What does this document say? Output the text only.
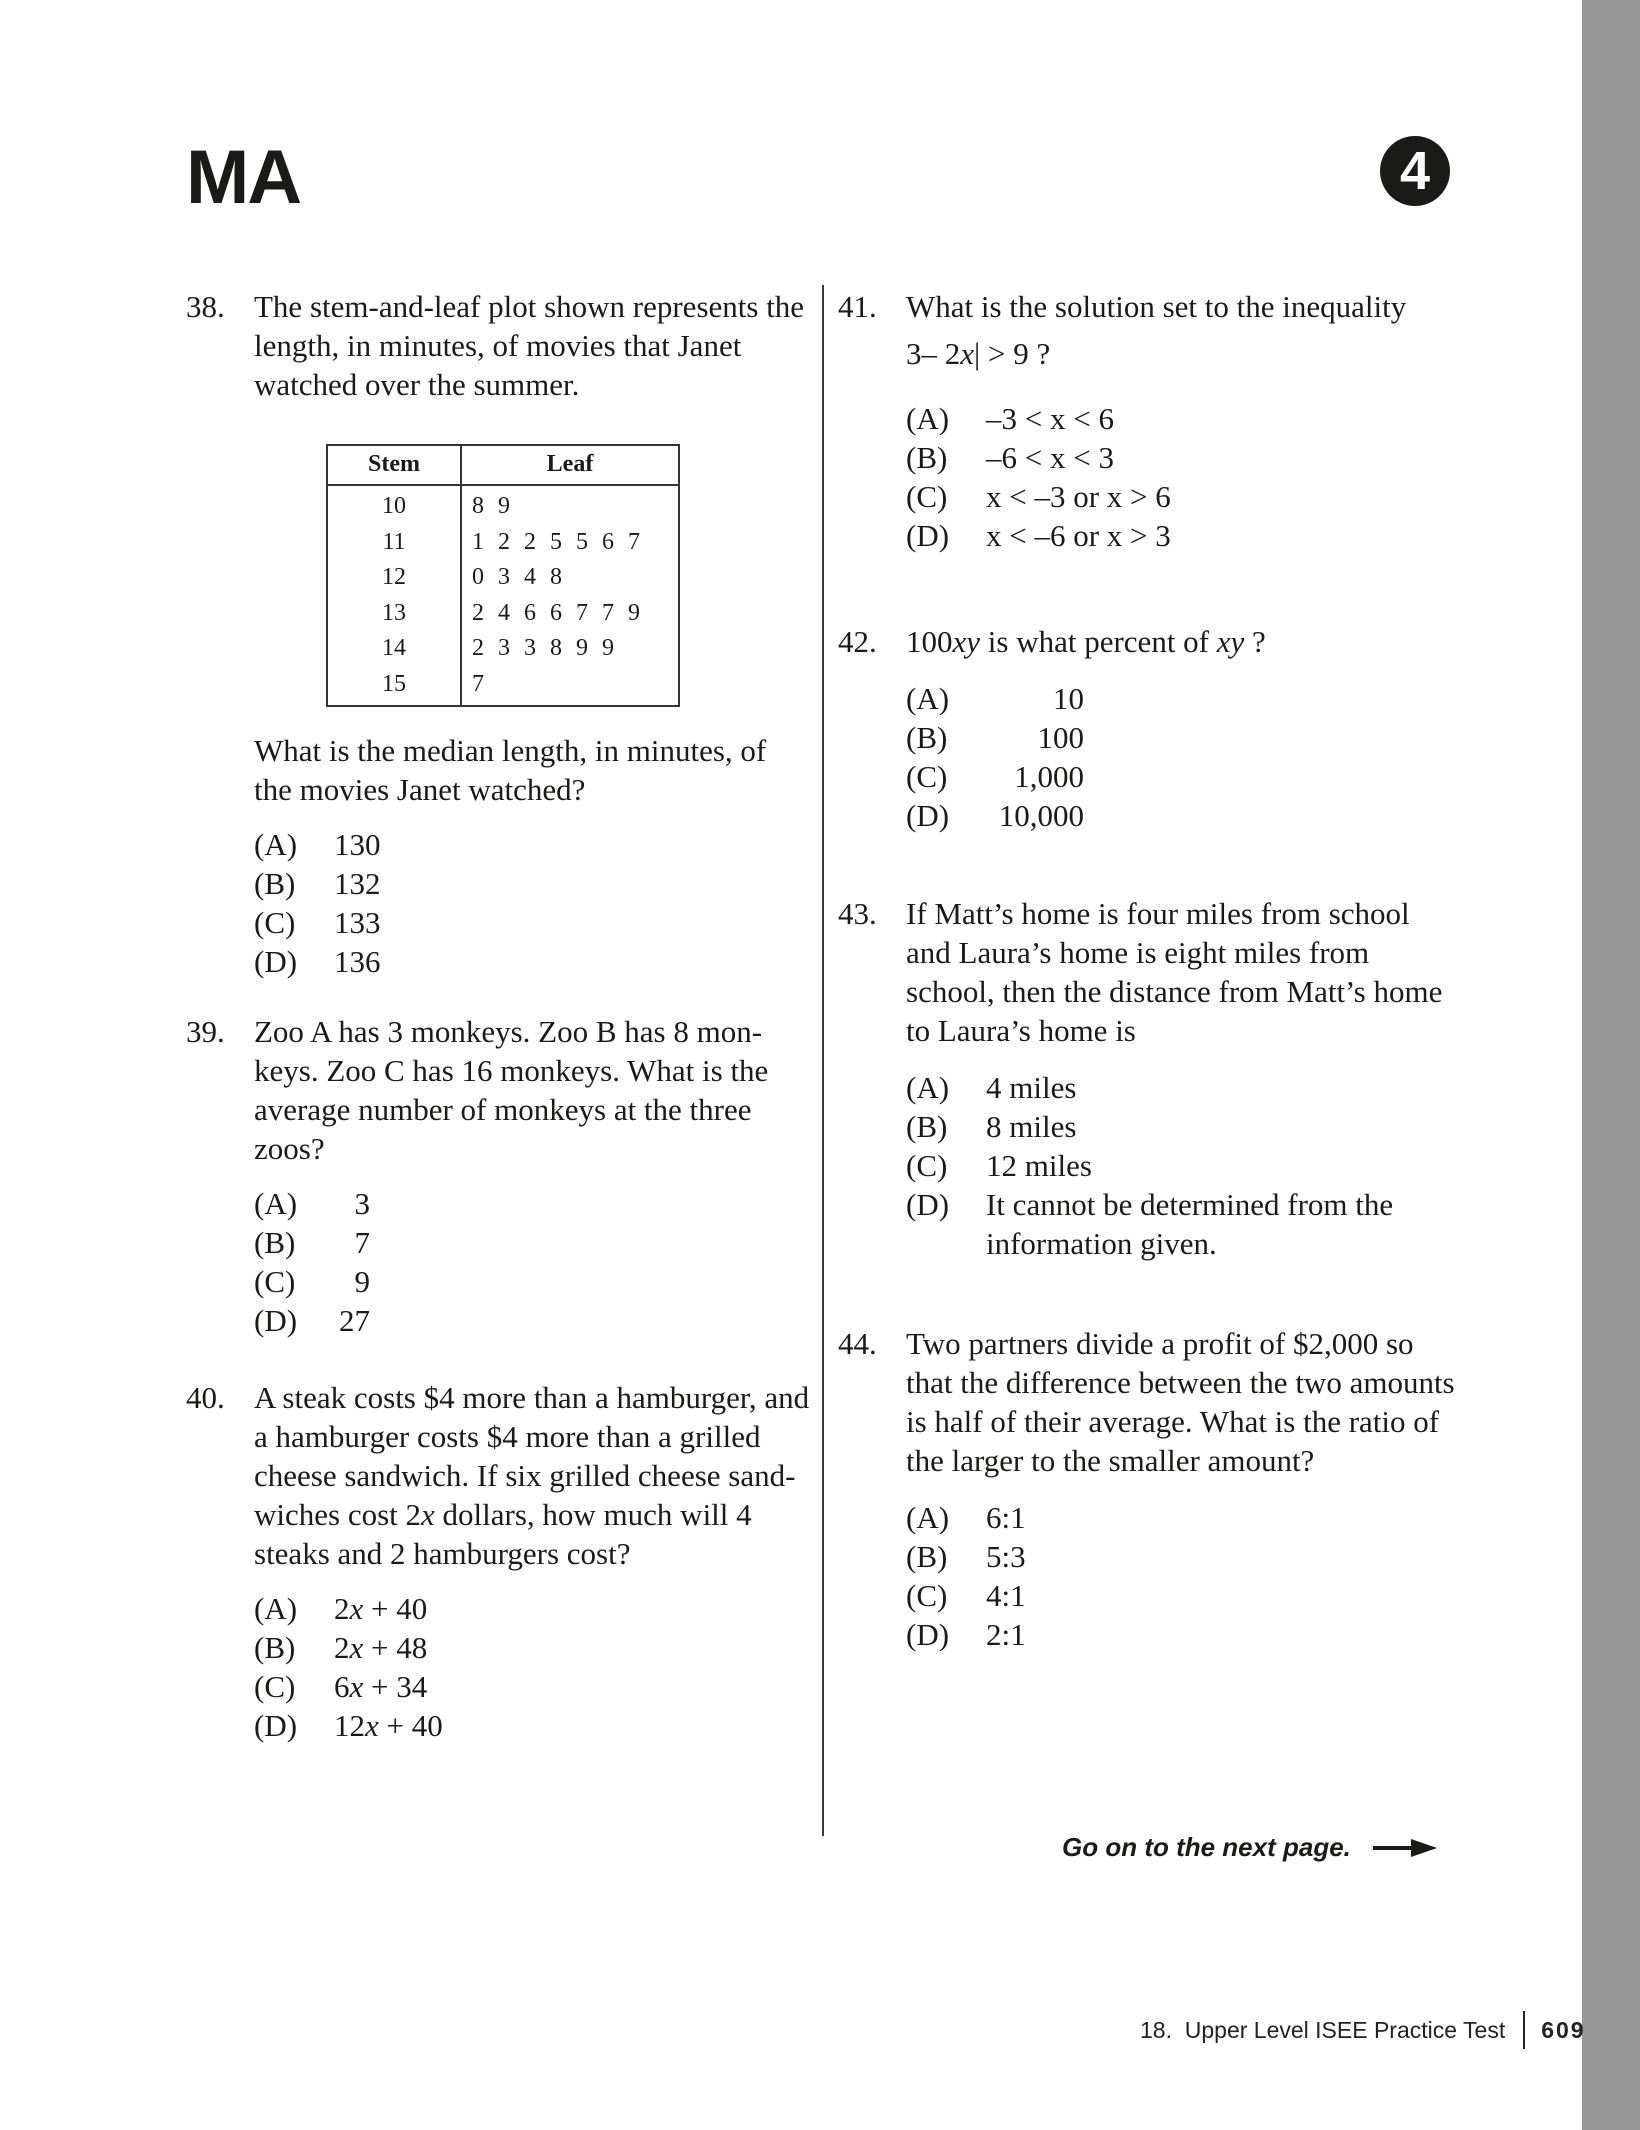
MA	4
38. The stem-and-leaf plot shown represents the length, in minutes, of movies that Janet watched over the summer.

Stem	Leaf
10	8 9
11	1 2 2 5 5 6 7
12	0 3 4 8
13	2 4 6 6 7 7 9
14	2 3 3 8 9 9
15	7

What is the median length, in minutes, of the movies Janet watched?

(A)	130
(B)	132
(C)	133
(D)	136
39. Zoo A has 3 monkeys. Zoo B has 8 mon-keys. Zoo C has 16 monkeys. What is the average number of monkeys at the three zoos?

(A)	3
(B)	7
(C)	9
(D)	27
40. A steak costs $4 more than a hamburger, and a hamburger costs $4 more than a grilled cheese sandwich. If six grilled cheese sand-wiches cost 2x dollars, how much will 4 steaks and 2 hamburgers cost?

(A)	2x + 40
(B)	2x + 48
(C)	6x + 34
(D)	12x + 40
41. What is the solution set to the inequality

3– 2x| > 9 ?

(A)	–3 < x < 6
(B)	–6 < x < 3
(C)	x < –3 or x > 6
(D)	x < –6 or x > 3
42. 100xy is what percent of xy ?

(A)	10
(B)	100
(C)	1,000
(D)	10,000
43. If Matt’s home is four miles from school and Laura’s home is eight miles from school, then the distance from Matt’s home to Laura’s home is

(A)	4 miles
(B)	8 miles
(C)	12 miles
(D)	It cannot be determined from the information given.
44. Two partners divide a profit of $2,000 so that the difference between the two amounts is half of their average. What is the ratio of the larger to the smaller amount?

(A)	6:1
(B)	5:3
(C)	4:1
(D)	2:1
Go on to the next page.
18.  Upper Level ISEE Practice Test 609
